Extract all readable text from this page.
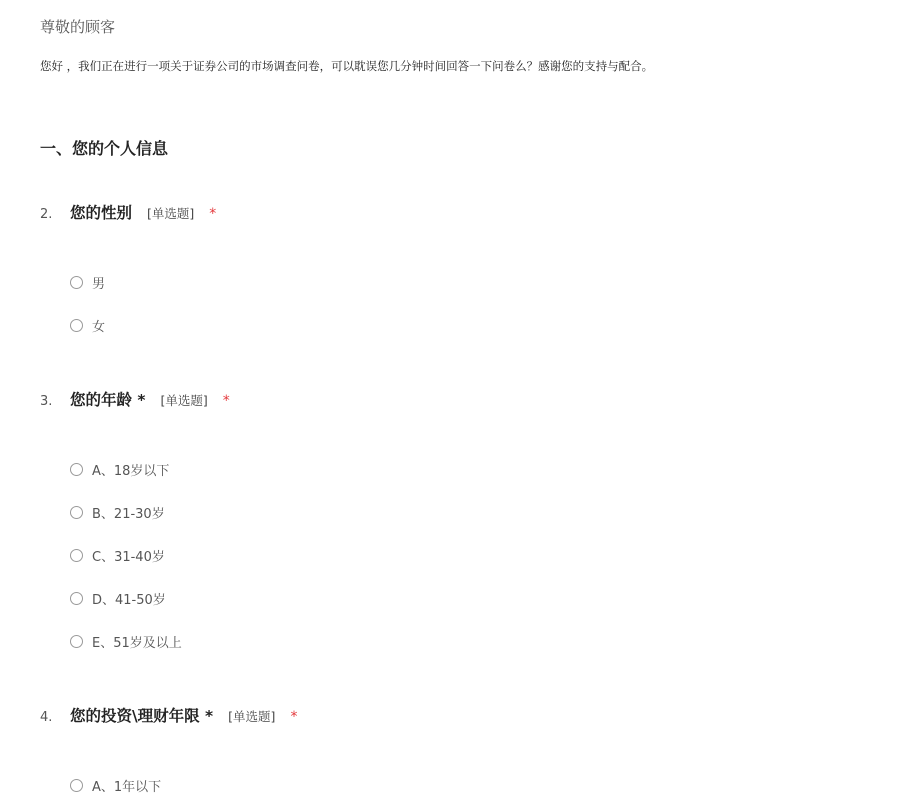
尊敬的顾客
您好 ，我们正在进行一项关于证券公司的市场调查问卷，可以耽误您几分钟时间回答一下问卷么？感谢您的支持与配合。
一、您的个人信息
2.	您的性别 [单选题] *
男
女
3.	您的年龄 * [单选题] *
A、18岁以下
B、21-30岁
C、31-40岁
D、41-50岁
E、51岁及以上
4.	您的投资\理财年限 * [单选题] *
A、1年以下
